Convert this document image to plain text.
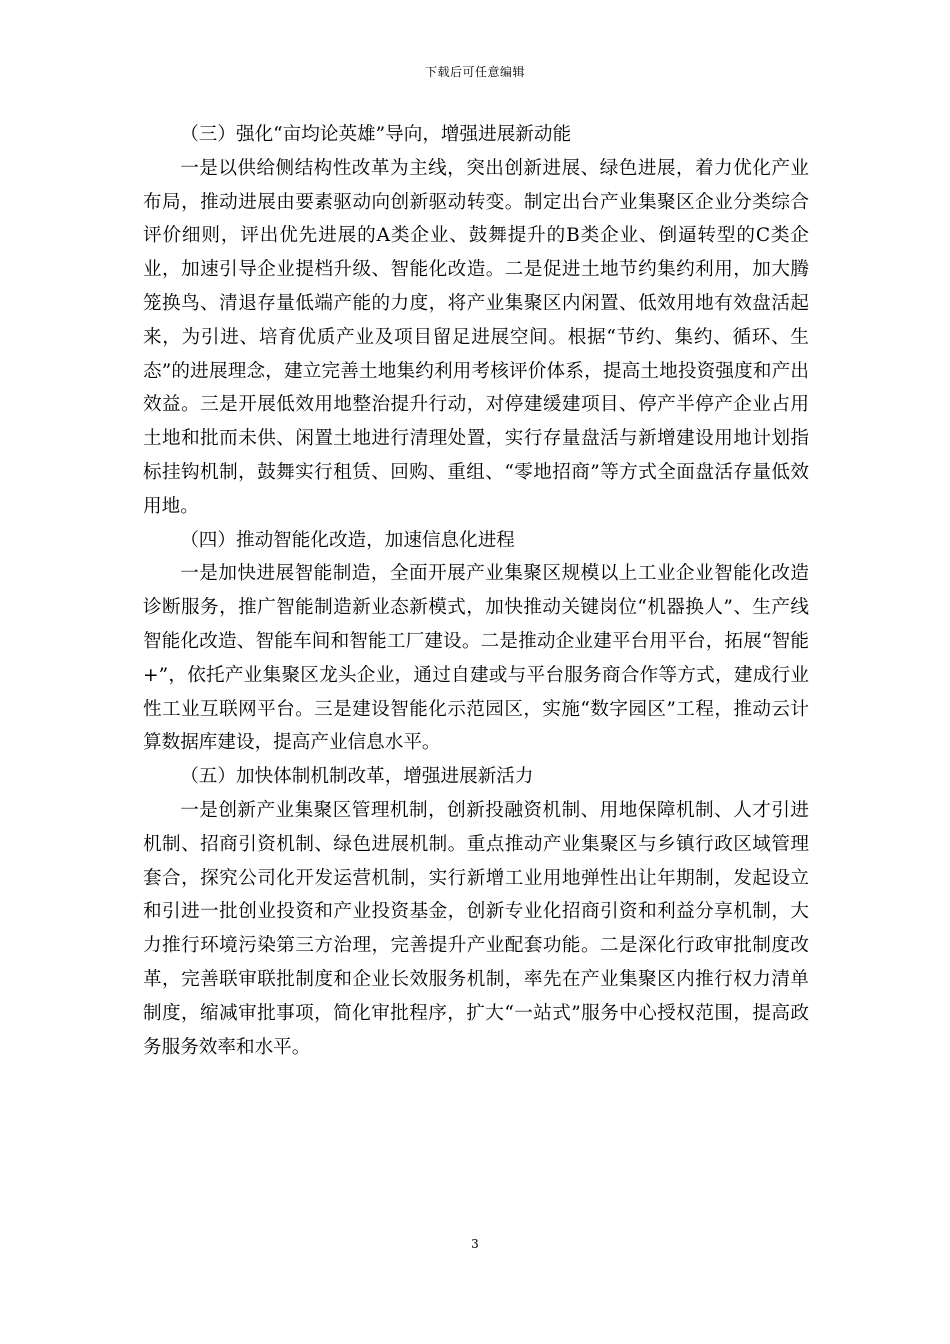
下载后可任意编辑

（三）强化“亩均论英雄”导向，增强进展新动能

一是以供给侧结构性改革为主线，突出创新进展、绿色进展，着力优化产业布局，推动进展由要素驱动向创新驱动转变。制定出台产业集聚区企业分类综合评价细则，评出优先进展的A类企业、鼓舞提升的B类企业、倒逼转型的C类企业，加速引导企业提档升级、智能化改造。二是促进土地节约集约利用，加大腾笼换鸟、清退存量低端产能的力度，将产业集聚区内闲置、低效用地有效盘活起来，为引进、培育优质产业及项目留足进展空间。根据“节约、集约、循环、生态”的进展理念，建立完善土地集约利用考核评价体系，提高土地投资强度和产出效益。三是开展低效用地整治提升行动，对停建缓建项目、停产半停产企业占用土地和批而未供、闲置土地进行清理处置，实行存量盘活与新增建设用地计划指标挂钩机制，鼓舞实行租赁、回购、重组、“零地招商”等方式全面盘活存量低效用地。

（四）推动智能化改造，加速信息化进程

一是加快进展智能制造，全面开展产业集聚区规模以上工业企业智能化改造诊断服务，推广智能制造新业态新模式，加快推动关键岗位“机器换人”、生产线智能化改造、智能车间和智能工厂建设。二是推动企业建平台用平台，拓展“智能+”，依托产业集聚区龙头企业，通过自建或与平台服务商合作等方式，建成行业性工业互联网平台。三是建设智能化示范园区，实施“数字园区”工程，推动云计算数据库建设，提高产业信息水平。

（五）加快体制机制改革，增强进展新活力

一是创新产业集聚区管理机制，创新投融资机制、用地保障机制、人才引进机制、招商引资机制、绿色进展机制。重点推动产业集聚区与乡镇行政区域管理套合，探究公司化开发运营机制，实行新增工业用地弹性出让年期制，发起设立和引进一批创业投资和产业投资基金，创新专业化招商引资和利益分享机制，大力推行环境污染第三方治理，完善提升产业配套功能。二是深化行政审批制度改革，完善联审联批制度和企业长效服务机制，率先在产业集聚区内推行权力清单制度，缩减审批事项，简化审批程序，扩大“一站式”服务中心授权范围，提高政务服务效率和水平。

3
